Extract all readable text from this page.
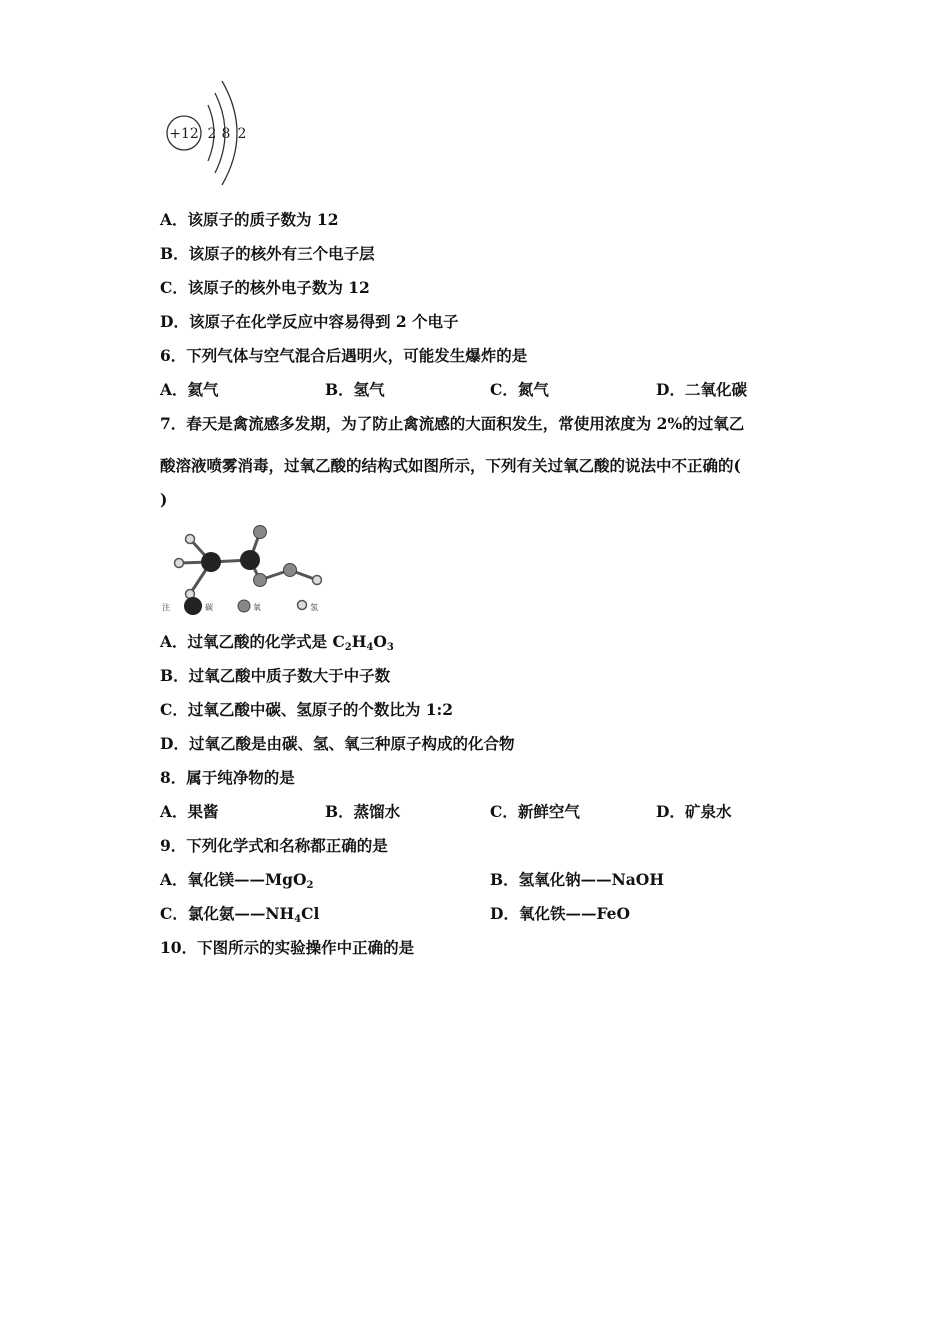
+12 2 8 2
A．该原子的质子数为 12
B．该原子的核外有三个电子层
C．该原子的核外电子数为 12
D．该原子在化学反应中容易得到 2 个电子
6．下列气体与空气混合后遇明火，可能发生爆炸的是
A．氦气	B．氢气	C．氮气	D．二氧化碳
7．春天是禽流感多发期，为了防止禽流感的大面积发生，常使用浓度为 2%的过氧乙
酸溶液喷雾消毒，过氧乙酸的结构式如图所示，下列有关过氧乙酸的说法中不正确的(
)
注	碳	氧	氢
A．过氧乙酸的化学式是 $C_2H_4O_3$
B．过氧乙酸中质子数大于中子数
C．过氧乙酸中碳、氢原子的个数比为 1:2
D．过氧乙酸是由碳、氢、氧三种原子构成的化合物
8．属于纯净物的是
A．果酱	B．蒸馏水	C．新鲜空气	D．矿泉水
9．下列化学式和名称都正确的是
A．氧化镁——MgO$_2$	B．氢氧化钠——NaOH
C．氯化氨$——NH_4Cl$	D．氧化铁——FeO
10．下图所示的实验操作中正确的是
